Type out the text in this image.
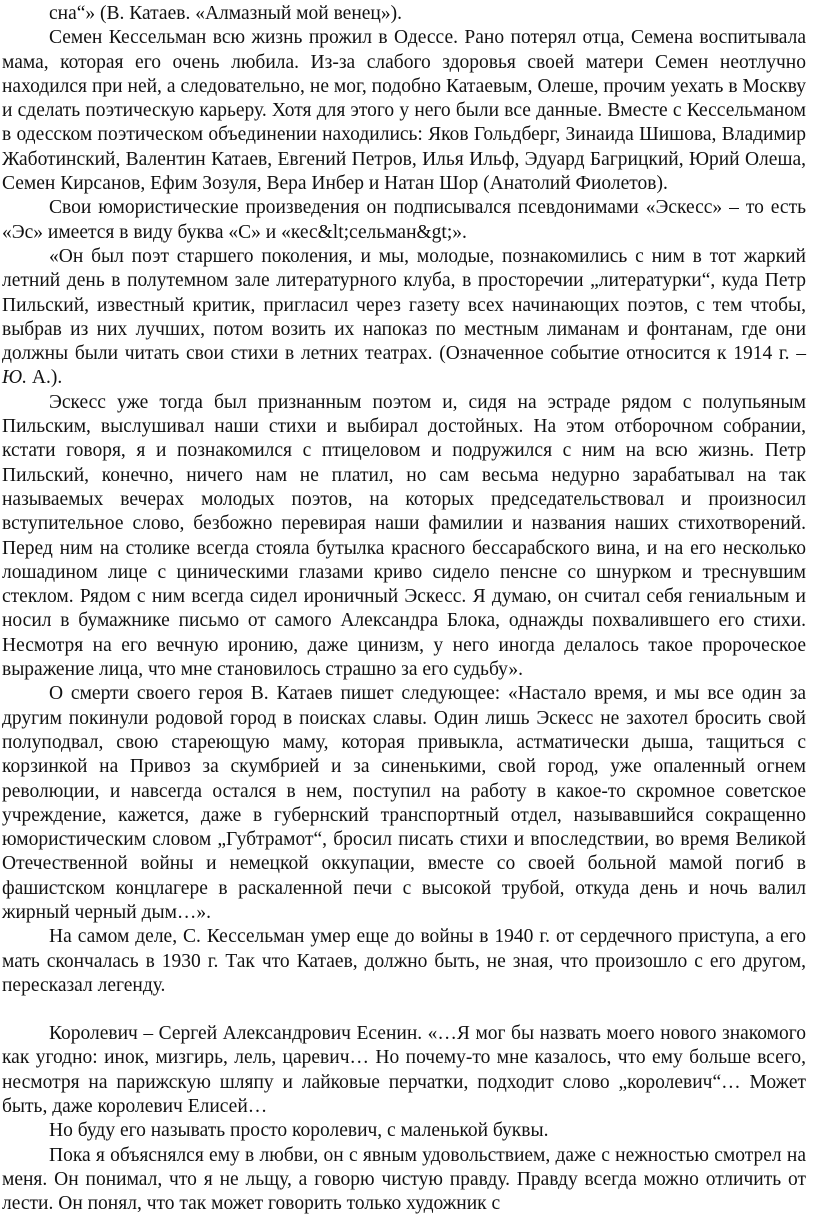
сна“» (В. Катаев. «Алмазный мой венец»).

Семен Кессельман всю жизнь прожил в Одессе. Рано потерял отца, Семена воспитывала мама, которая его очень любила. Из-за слабого здоровья своей матери Семен неотлучно находился при ней, а следовательно, не мог, подобно Катаевым, Олеше, прочим уехать в Москву и сделать поэтическую карьеру. Хотя для этого у него были все данные. Вместе с Кессельманом в одесском поэтическом объединении находились: Яков Гольдберг, Зинаида Шишова, Владимир Жаботинский, Валентин Катаев, Евгений Петров, Илья Ильф, Эдуард Багрицкий, Юрий Олеша, Семен Кирсанов, Ефим Зозуля, Вера Инбер и Натан Шор (Анатолий Фиолетов).

Свои юмористические произведения он подписывался псевдонимами «Эскесс» – то есть «Эс» имеется в виду буква «С» и «кес&lt;сельман&gt;».

«Он был поэт старшего поколения, и мы, молодые, познакомились с ним в тот жаркий летний день в полутемном зале литературного клуба, в просторечии „литературки“, куда Петр Пильский, известный критик, пригласил через газету всех начинающих поэтов, с тем чтобы, выбрав из них лучших, потом возить их напоказ по местным лиманам и фонтанам, где они должны были читать свои стихи в летних театрах. (Означенное событие относится к 1914 г. – Ю. А.).

Эскесс уже тогда был признанным поэтом и, сидя на эстраде рядом с полупьяным Пильским, выслушивал наши стихи и выбирал достойных. На этом отборочном собрании, кстати говоря, я и познакомился с птицеловом и подружился с ним на всю жизнь. Петр Пильский, конечно, ничего нам не платил, но сам весьма недурно зарабатывал на так называемых вечерах молодых поэтов, на которых председательствовал и произносил вступительное слово, безбожно перевирая наши фамилии и названия наших стихотворений. Перед ним на столике всегда стояла бутылка красного бессарабского вина, и на его несколько лошадином лице с циническими глазами криво сидело пенсне со шнурком и треснувшим стеклом. Рядом с ним всегда сидел ироничный Эскесс. Я думаю, он считал себя гениальным и носил в бумажнике письмо от самого Александра Блока, однажды похвалившего его стихи. Несмотря на его вечную иронию, даже цинизм, у него иногда делалось такое пророческое выражение лица, что мне становилось страшно за его судьбу».

О смерти своего героя В. Катаев пишет следующее: «Настало время, и мы все один за другим покинули родовой город в поисках славы. Один лишь Эскесс не захотел бросить свой полуподвал, свою стареющую маму, которая привыкла, астматически дыша, тащиться с корзинкой на Привоз за скумбрией и за синенькими, свой город, уже опаленный огнем революции, и навсегда остался в нем, поступил на работу в какое-то скромное советское учреждение, кажется, даже в губернский транспортный отдел, называвшийся сокращенно юмористическим словом „Губтрамот“, бросил писать стихи и впоследствии, во время Великой Отечественной войны и немецкой оккупации, вместе со своей больной мамой погиб в фашистском концлагере в раскаленной печи с высокой трубой, откуда день и ночь валил жирный черный дым…».

На самом деле, С. Кессельман умер еще до войны в 1940 г. от сердечного приступа, а его мать скончалась в 1930 г. Так что Катаев, должно быть, не зная, что произошло с его другом, пересказал легенду.

Королевич – Сергей Александрович Есенин. «…Я мог бы назвать моего нового знакомого как угодно: инок, мизгирь, лель, царевич… Но почему-то мне казалось, что ему больше всего, несмотря на парижскую шляпу и лайковые перчатки, подходит слово „королевич“… Может быть, даже королевич Елисей…

Но буду его называть просто королевич, с маленькой буквы.

Пока я объяснялся ему в любви, он с явным удовольствием, даже с нежностью смотрел на меня. Он понимал, что я не льщу, а говорю чистую правду. Правду всегда можно отличить от лести. Он понял, что так может говорить только художник с
